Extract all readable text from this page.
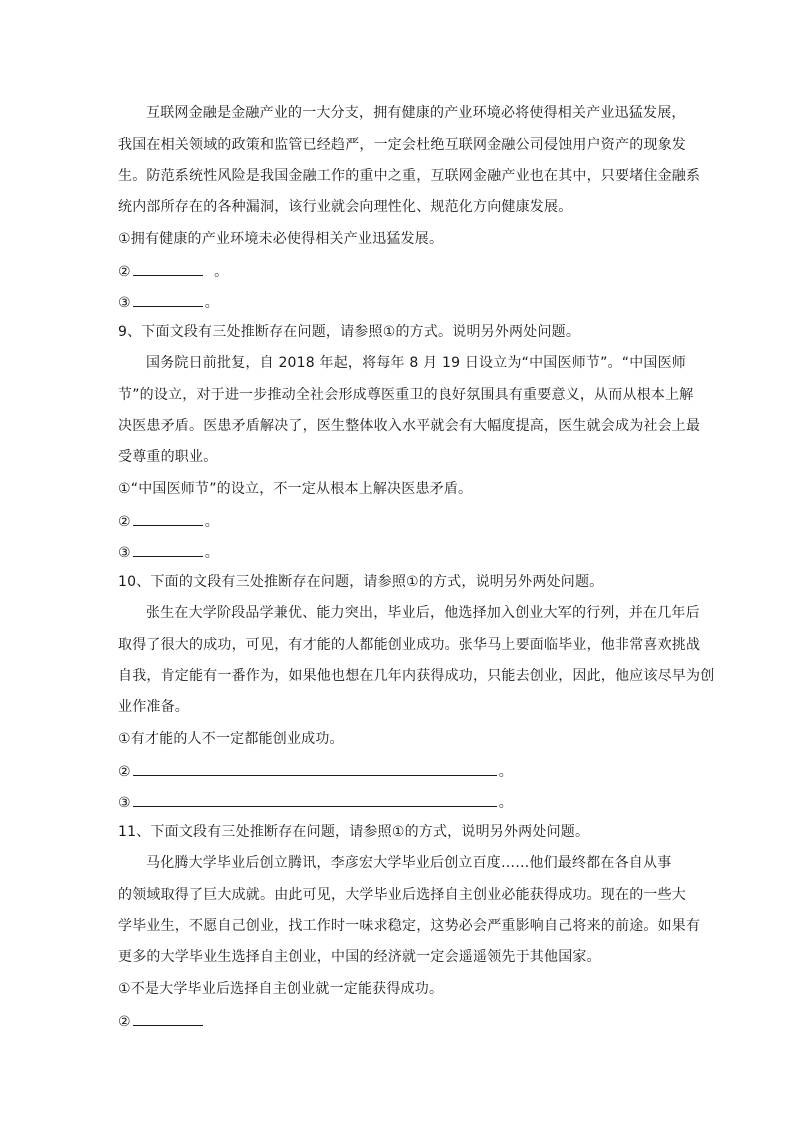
互联网金融是金融产业的一大分支，拥有健康的产业环境必将使得相关产业迅猛发展，
我国在相关领域的政策和监管已经趋严，一定会杜绝互联网金融公司侵蚀用户资产的现象发
生。防范系统性风险是我国金融工作的重中之重，互联网金融产业也在其中，只要堵住金融系
统内部所存在的各种漏洞，该行业就会向理性化、规范化方向健康发展。
①拥有健康的产业环境未必使得相关产业迅猛发展。
②	。
③	。
9、下面文段有三处推断存在问题，请参照①的方式。说明另外两处问题。
国务院日前批复，自 2018 年起，将每年 8 月 19 日设立为“中国医师节”。“中国医师
节”的设立，对于进一步推动全社会形成尊医重卫的良好氛围具有重要意义，从而从根本上解
决医患矛盾。医患矛盾解决了，医生整体收入水平就会有大幅度提高，医生就会成为社会上最
受尊重的职业。
①“中国医师节”的设立，不一定从根本上解决医患矛盾。
②	。
③	。
10、下面的文段有三处推断存在问题，请参照①的方式，说明另外两处问题。
张生在大学阶段品学兼优、能力突出，毕业后，他选择加入创业大军的行列，并在几年后
取得了很大的成功，可见，有才能的人都能创业成功。张华马上要面临毕业，他非常喜欢挑战
自我，肯定能有一番作为，如果他也想在几年内获得成功，只能去创业，因此，他应该尽早为创
业作准备。
①有才能的人不一定都能创业成功。
②	。
③	。
11、下面文段有三处推断存在问题，请参照①的方式，说明另外两处问题。
马化腾大学毕业后创立腾讯，李彦宏大学毕业后创立百度……他们最终都在各自从事
的领域取得了巨大成就。由此可见，大学毕业后选择自主创业必能获得成功。现在的一些大
学毕业生，不愿自己创业，找工作时一味求稳定，这势必会严重影响自己将来的前途。如果有
更多的大学毕业生选择自主创业，中国的经济就一定会遥遥领先于其他国家。
①不是大学毕业后选择自主创业就一定能获得成功。
②
